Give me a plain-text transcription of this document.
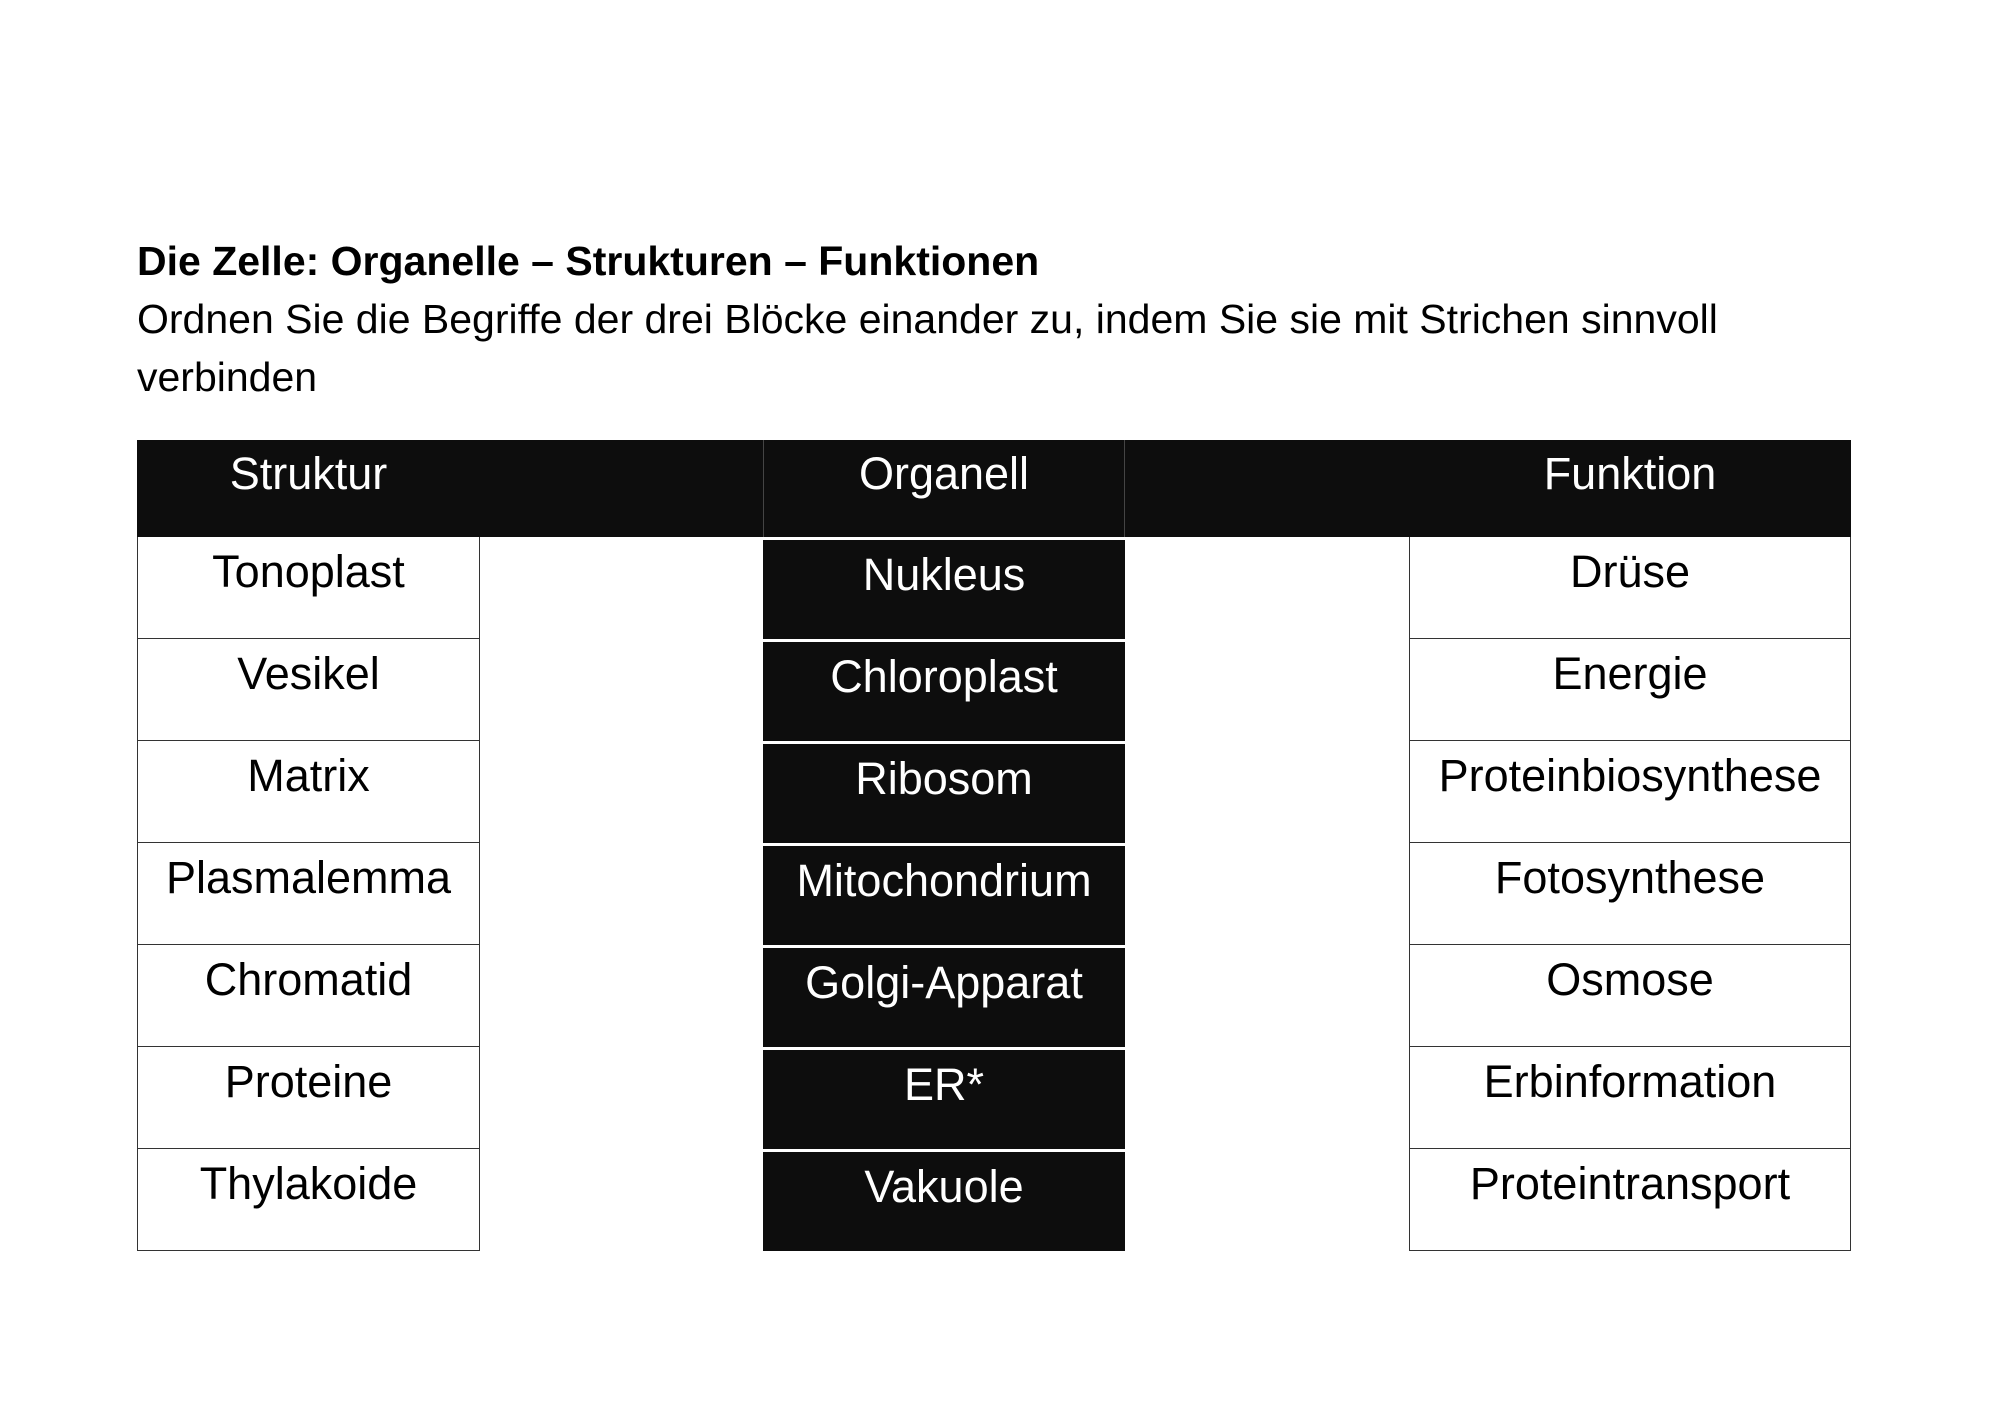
Die Zelle: Organelle – Strukturen – Funktionen
Ordnen Sie die Begriffe der drei Blöcke einander zu, indem Sie sie mit Strichen sinnvoll
verbinden
Struktur
Tonoplast
Vesikel
Matrix
Plasmalemma
Chromatid
Proteine
Thylakoide
Organell
Nukleus
Chloroplast
Ribosom
Mitochondrium
Golgi-Apparat
ER*
Vakuole
Funktion
Drüse
Energie
Proteinbiosynthese
Fotosynthese
Osmose
Erbinformation
Proteintransport
